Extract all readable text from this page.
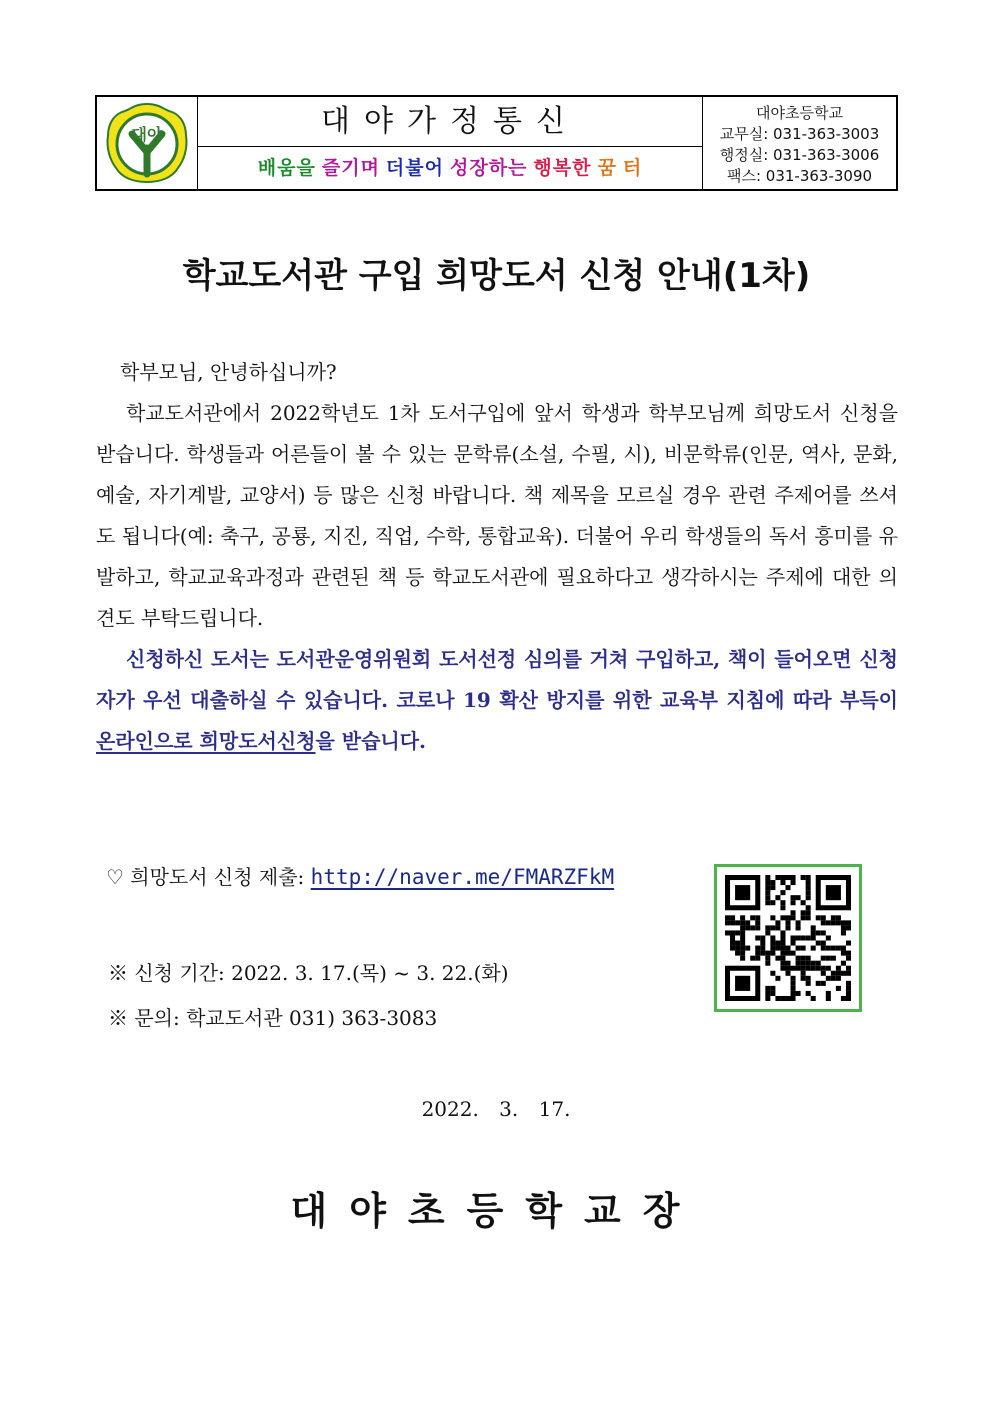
대야	대야가정통신
배움을 즐기며 더불어 성장하는 행복한 꿈 터
대야초등학교
교무실: 031-363-3003
행정실: 031-363-3006
팩스: 031-363-3090
학교도서관 구입 희망도서 신청 안내(1차)

학부모님, 안녕하십니까?

학교도서관에서 2022학년도 1차 도서구입에 앞서 학생과 학부모님께 희망도서 신청을 받습니다. 학생들과 어른들이 볼 수 있는 문학류(소설, 수필, 시), 비문학류(인문, 역사, 문화, 예술, 자기계발, 교양서) 등 많은 신청 바랍니다. 책 제목을 모르실 경우 관련 주제어를 쓰셔도 됩니다(예: 축구, 공룡, 지진, 직업, 수학, 통합교육). 더불어 우리 학생들의 독서 흥미를 유발하고, 학교교육과정과 관련된 책 등 학교도서관에 필요하다고 생각하시는 주제에 대한 의견도 부탁드립니다.

신청하신 도서는 도서관운영위원회 도서선정 심의를 거쳐 구입하고, 책이 들어오면 신청자가 우선 대출하실 수 있습니다. 코로나 19 확산 방지를 위한 교육부 지침에 따라 부득이 온라인으로 희망도서신청을 받습니다.

♡ 희망도서 신청 제출: http://naver.me/FMARZFkM
※ 신청 기간: 2022. 3. 17.(목) ~ 3. 22.(화)
※ 문의: 학교도서관 031) 363-3083
2022. 3. 17.
대야초등학교장
